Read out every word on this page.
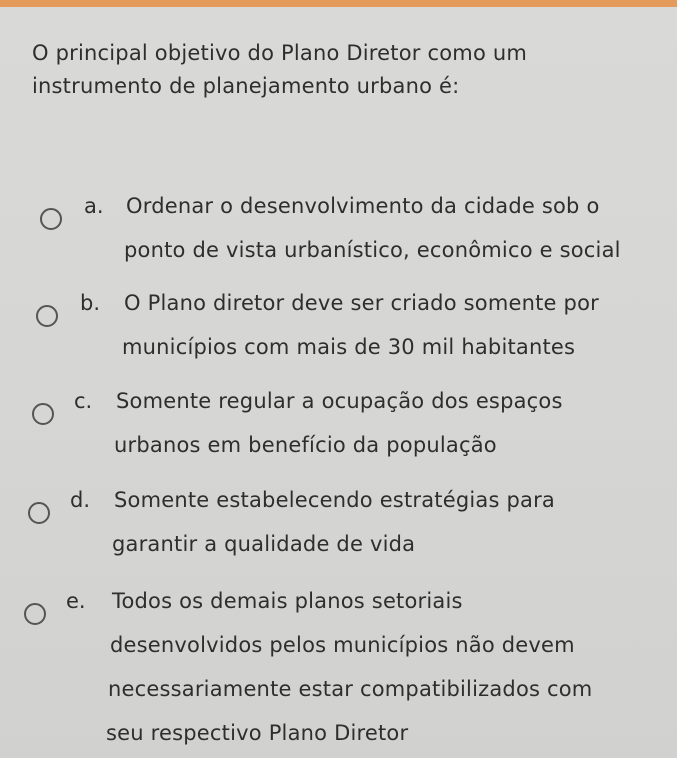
O principal objetivo do Plano Diretor como um
instrumento de planejamento urbano é:
a. Ordenar o desenvolvimento da cidade sob o
ponto de vista urbanístico, econômico e social
b. O Plano diretor deve ser criado somente por
municípios com mais de 30 mil habitantes
c. Somente regular a ocupação dos espaços
urbanos em benefício da população
d. Somente estabelecendo estratégias para
garantir a qualidade de vida
e. Todos os demais planos setoriais
desenvolvidos pelos municípios não devem
necessariamente estar compatibilizados com
seu respectivo Plano Diretor
